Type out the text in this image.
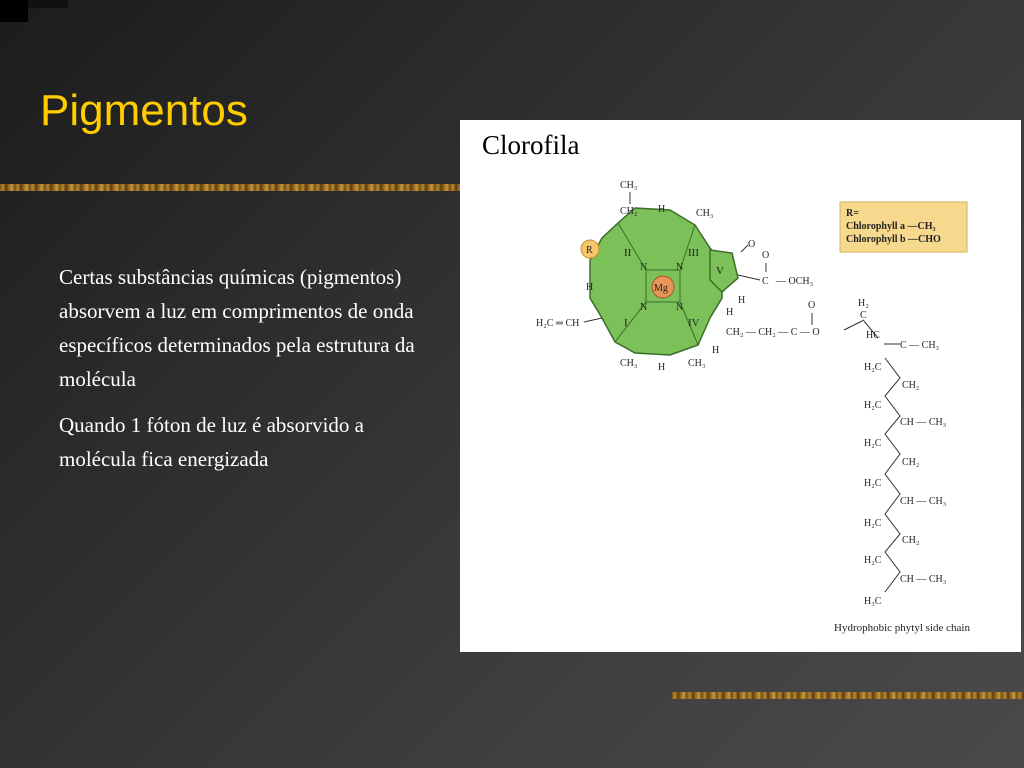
Pigmentos

Certas substâncias químicas (pigmentos) absorvem a luz em comprimentos de onda específicos determinados pela estrutura da molécula

Quando 1 fóton de luz é absorvido a molécula fica energizada

Clorofila
II	III
V
I	IV
N	N
N	N
Mg
R
CH₃
CH₂ H	CH₃
H
H₂C ═ CH
CH₃ H CH₃
H
H
H
O
O
C — OCH₃
CH₂ — CH₂ — C — O
O	H₂
C
HC
C — CH₃
H₂C
CH₂
H₂C
CH — CH₃
H₂C
CH₂
H₂C
CH — CH₃
H₂C
CH₂
H₂C
CH — CH₃
H₃C
R=
Chlorophyll a —CH₃
Chlorophyll b —CHO
Hydrophobic phytyl side chain
